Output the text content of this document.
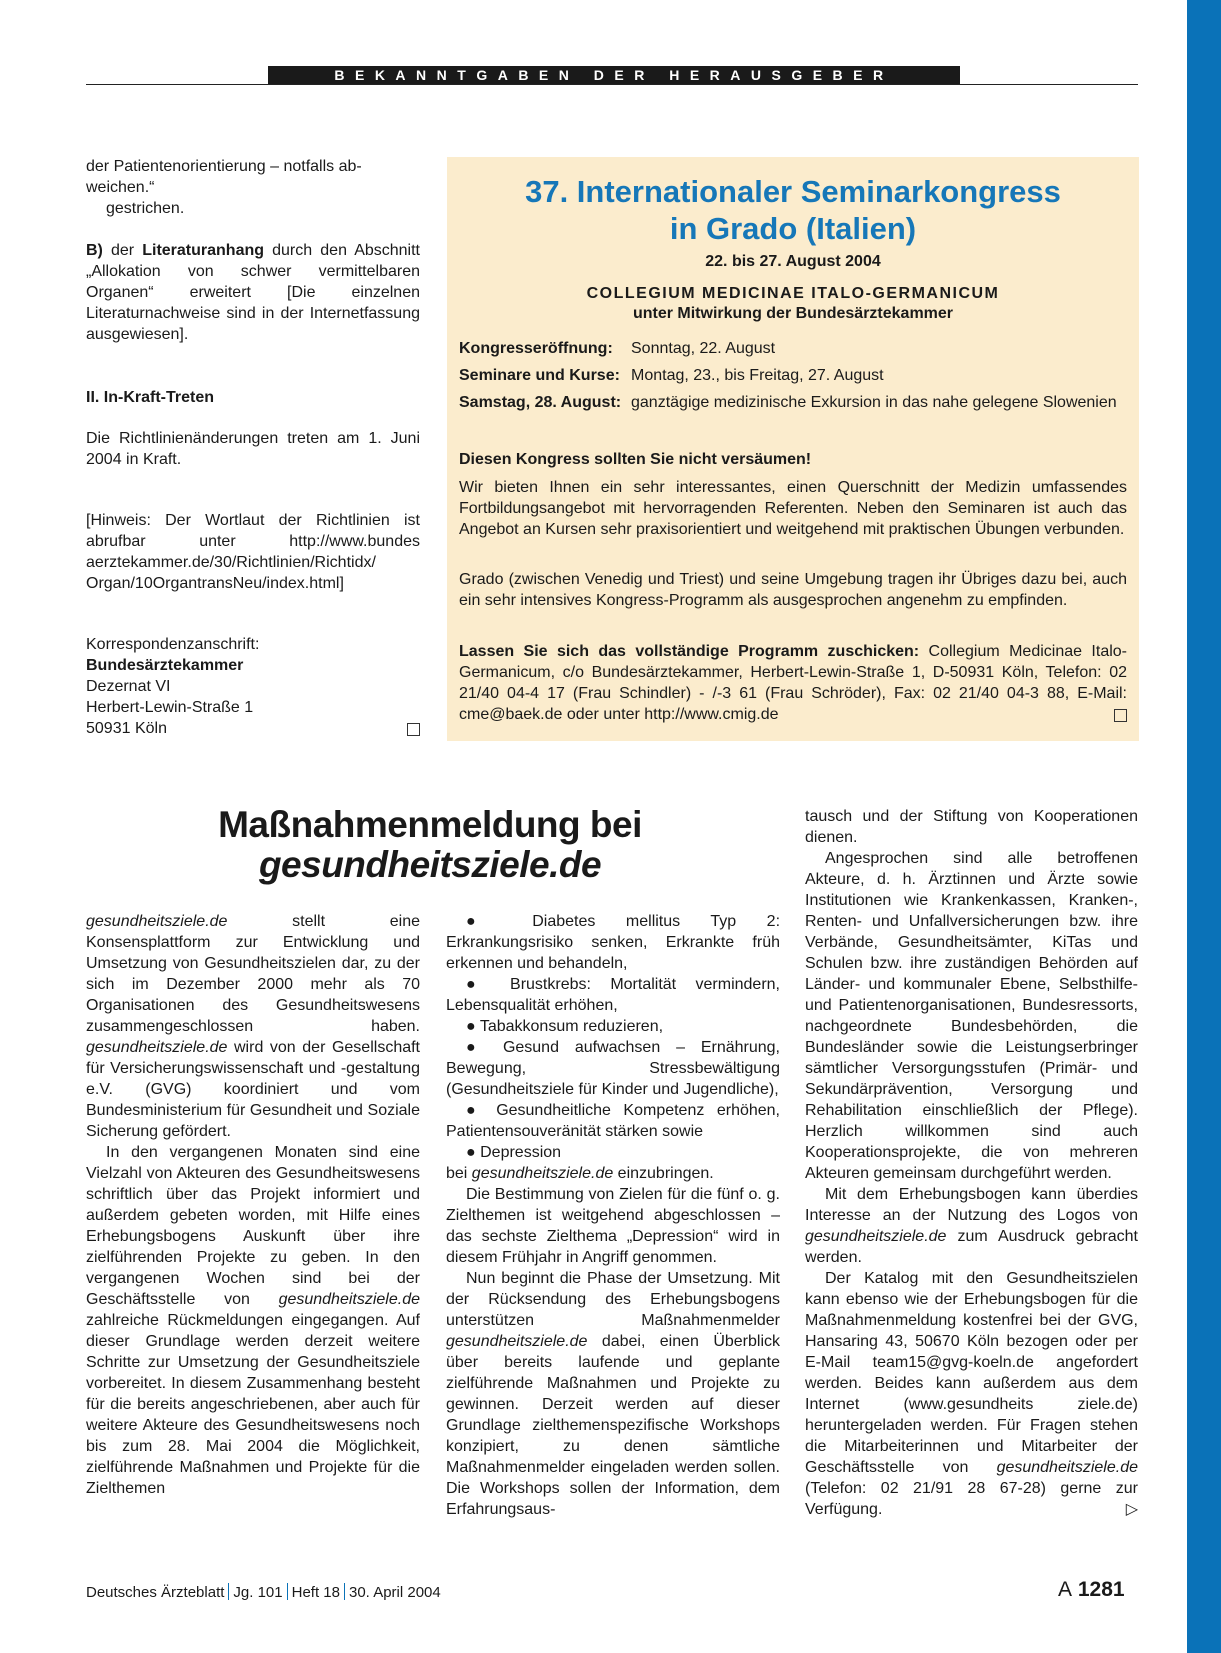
BEKANNTGABEN DER HERAUSGEBER

der Patientenorientierung – notfalls ab-
weichen.“
gestrichen.

B) der Literaturanhang durch den Abschnitt „Allokation von schwer vermittelbaren Organen“ erweitert [Die einzelnen Literaturnachweise sind in der Internetfassung ausgewiesen].

II. In-Kraft-Treten

Die Richtlinienänderungen treten am 1. Juni 2004 in Kraft.

[Hinweis: Der Wortlaut der Richtlinien ist abrufbar unter http://www.bundes aerztekammer.de/30/Richtlinien/Richtidx/ Organ/10OrgantransNeu/index.html]

Korrespondenzanschrift:
Bundesärztekammer
Dezernat VI
Herbert-Lewin-Straße 1
50931 Köln

37. Internationaler Seminarkongress
in Grado (Italien)
22. bis 27. August 2004
COLLEGIUM MEDICINAE ITALO-GERMANICUM
unter Mitwirkung der Bundesärztekammer
Kongresseröffnung: Sonntag, 22. August
Seminare und Kurse: Montag, 23., bis Freitag, 27. August
Samstag, 28. August: ganztägige medizinische Exkursion in das nahe gelegene Slowenien
Diesen Kongress sollten Sie nicht versäumen!
Wir bieten Ihnen ein sehr interessantes, einen Querschnitt der Medizin umfassendes Fortbildungsangebot mit hervorragenden Referenten. Neben den Seminaren ist auch das Angebot an Kursen sehr praxisorientiert und weitgehend mit praktischen Übungen verbunden.
Grado (zwischen Venedig und Triest) und seine Umgebung tragen ihr Übriges dazu bei, auch ein sehr intensives Kongress-Programm als ausgesprochen angenehm zu empfinden.
Lassen Sie sich das vollständige Programm zuschicken: Collegium Medicinae Italo-Germanicum, c/o Bundesärztekammer, Herbert-Lewin-Straße 1, D-50931 Köln, Telefon: 02 21/40 04-4 17 (Frau Schindler) - /-3 61 (Frau Schröder), Fax: 02 21/40 04-3 88, E-Mail: cme@baek.de oder unter http://www.cmig.de
Maßnahmenmeldung bei
gesundheitsziele.de

gesundheitsziele.de stellt eine Konsensplattform zur Entwicklung und Umsetzung von Gesundheitszielen dar, zu der sich im Dezember 2000 mehr als 70 Organisationen des Gesundheitswesens zusammengeschlossen haben. gesundheitsziele.de wird von der Gesellschaft für Versicherungswissenschaft und -gestaltung e.V. (GVG) koordiniert und vom Bundesministerium für Gesundheit und Soziale Sicherung gefördert.

In den vergangenen Monaten sind eine Vielzahl von Akteuren des Gesundheitswesens schriftlich über das Projekt informiert und außerdem gebeten worden, mit Hilfe eines Erhebungsbogens Auskunft über ihre zielführenden Projekte zu geben. In den vergangenen Wochen sind bei der Geschäftsstelle von gesundheitsziele.de zahlreiche Rückmeldungen eingegangen. Auf dieser Grundlage werden derzeit weitere Schritte zur Umsetzung der Gesundheitsziele vorbereitet. In diesem Zusammenhang besteht für die bereits angeschriebenen, aber auch für weitere Akteure des Gesundheitswesens noch bis zum 28. Mai 2004 die Möglichkeit, zielführende Maßnahmen und Projekte für die Zielthemen

● Diabetes mellitus Typ 2: Erkrankungsrisiko senken, Erkrankte früh erkennen und behandeln,

● Brustkrebs: Mortalität vermindern, Lebensqualität erhöhen,

● Tabakkonsum reduzieren,

● Gesund aufwachsen – Ernährung, Bewegung, Stressbewältigung (Gesundheitsziele für Kinder und Jugendliche),

● Gesundheitliche Kompetenz erhöhen, Patientensouveränität stärken sowie

● Depression

bei gesundheitsziele.de einzubringen.

Die Bestimmung von Zielen für die fünf o. g. Zielthemen ist weitgehend abgeschlossen – das sechste Zielthema „Depression“ wird in diesem Frühjahr in Angriff genommen.

Nun beginnt die Phase der Umsetzung. Mit der Rücksendung des Erhebungsbogens unterstützen Maßnahmenmelder gesundheitsziele.de dabei, einen Überblick über bereits laufende und geplante zielführende Maßnahmen und Projekte zu gewinnen. Derzeit werden auf dieser Grundlage zielthemenspezifische Workshops konzipiert, zu denen sämtliche Maßnahmenmelder eingeladen werden sollen. Die Workshops sollen der Information, dem Erfahrungsaus-

tausch und der Stiftung von Kooperationen dienen.

Angesprochen sind alle betroffenen Akteure, d. h. Ärztinnen und Ärzte sowie Institutionen wie Krankenkassen, Kranken-, Renten- und Unfallversicherungen bzw. ihre Verbände, Gesundheitsämter, KiTas und Schulen bzw. ihre zuständigen Behörden auf Länder- und kommunaler Ebene, Selbsthilfe- und Patientenorganisationen, Bundesressorts, nachgeordnete Bundesbehörden, die Bundesländer sowie die Leistungserbringer sämtlicher Versorgungsstufen (Primär- und Sekundärprävention, Versorgung und Rehabilitation einschließlich der Pflege). Herzlich willkommen sind auch Kooperationsprojekte, die von mehreren Akteuren gemeinsam durchgeführt werden.

Mit dem Erhebungsbogen kann überdies Interesse an der Nutzung des Logos von gesundheitsziele.de zum Ausdruck gebracht werden.

Der Katalog mit den Gesundheitszielen kann ebenso wie der Erhebungsbogen für die Maßnahmenmeldung kostenfrei bei der GVG, Hansaring 43, 50670 Köln bezogen oder per E-Mail team15@gvg-koeln.de angefordert werden. Beides kann außerdem aus dem Internet (www.gesundheits ziele.de) heruntergeladen werden. Für Fragen stehen die Mitarbeiterinnen und Mitarbeiter der Geschäftsstelle von gesundheitsziele.de (Telefon: 02 21/91 28 67-28) gerne zur Verfügung.	▷

Deutsches Ärzteblatt Jg. 101 Heft 18 30. April 2004	A 1281
